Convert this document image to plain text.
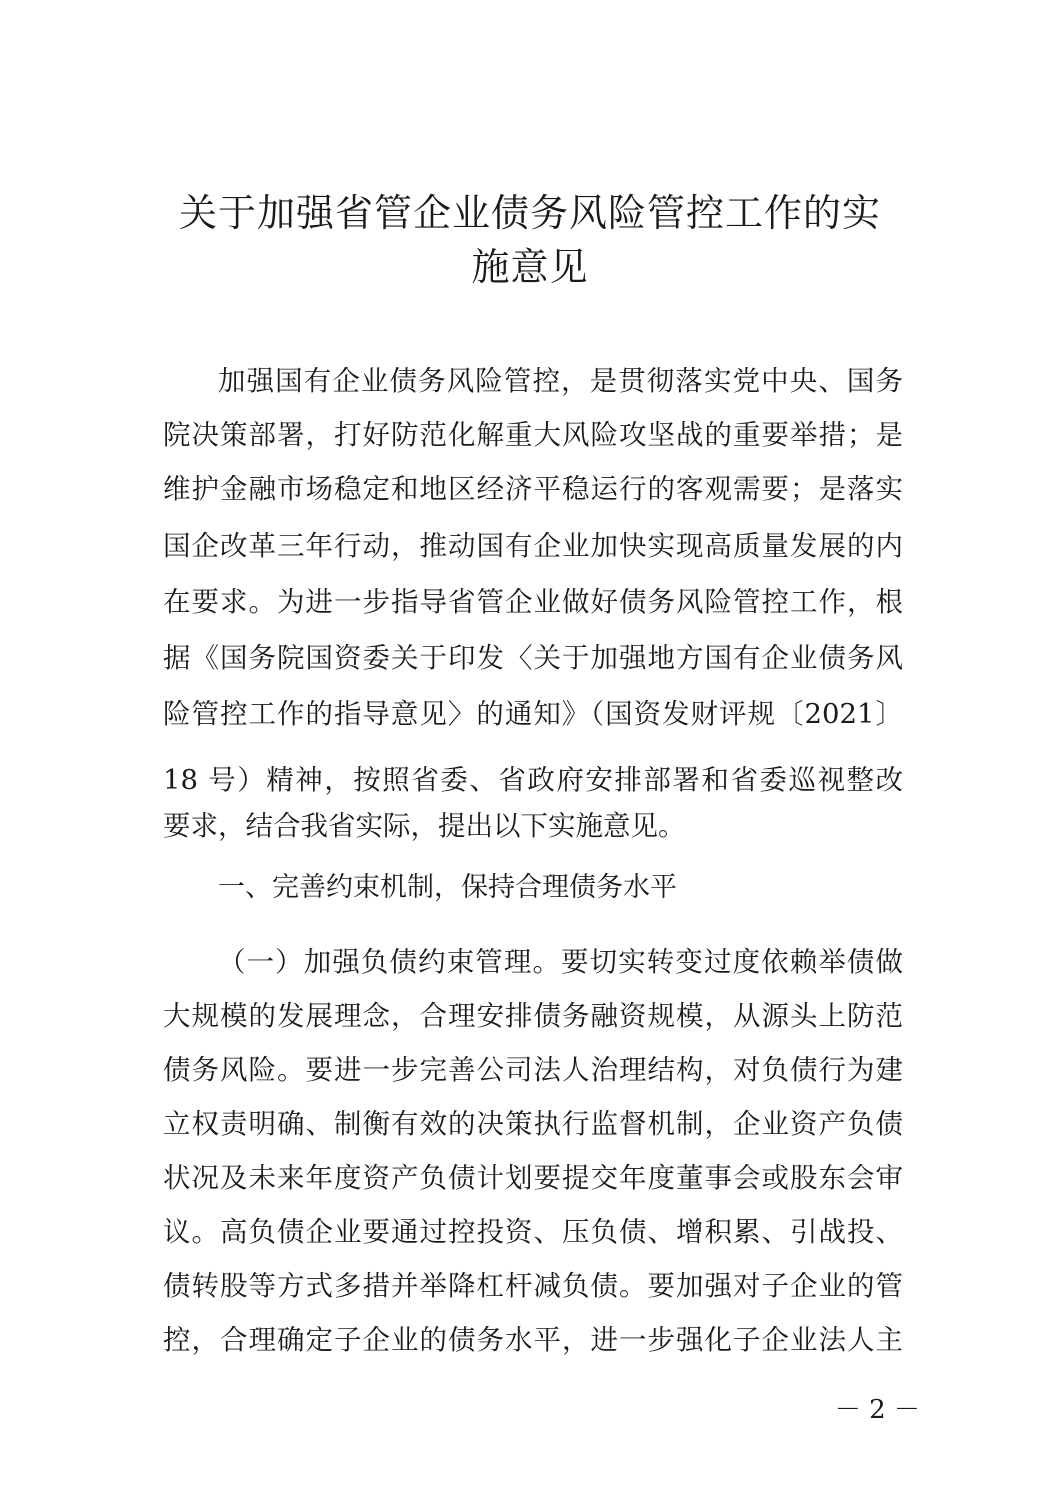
关于加强省管企业债务风险管控工作的实
施意见
加强国有企业债务风险管控，是贯彻落实党中央、国务
院决策部署，打好防范化解重大风险攻坚战的重要举措；是
维护金融市场稳定和地区经济平稳运行的客观需要；是落实
国企改革三年行动，推动国有企业加快实现高质量发展的内
在要求。为进一步指导省管企业做好债务风险管控工作，根
据《国务院国资委关于印发〈关于加强地方国有企业债务风
险管控工作的指导意见〉的通知》（国资发财评规〔2021〕
18 号）精神，按照省委、省政府安排部署和省委巡视整改
要求，结合我省实际，提出以下实施意见。
一、完善约束机制，保持合理债务水平
（一）加强负债约束管理。要切实转变过度依赖举债做
大规模的发展理念，合理安排债务融资规模，从源头上防范
债务风险。要进一步完善公司法人治理结构，对负债行为建
立权责明确、制衡有效的决策执行监督机制，企业资产负债
状况及未来年度资产负债计划要提交年度董事会或股东会审
议。高负债企业要通过控投资、压负债、增积累、引战投、
债转股等方式多措并举降杠杆减负债。要加强对子企业的管
控，合理确定子企业的债务水平，进一步强化子企业法人主
－ 2 －
